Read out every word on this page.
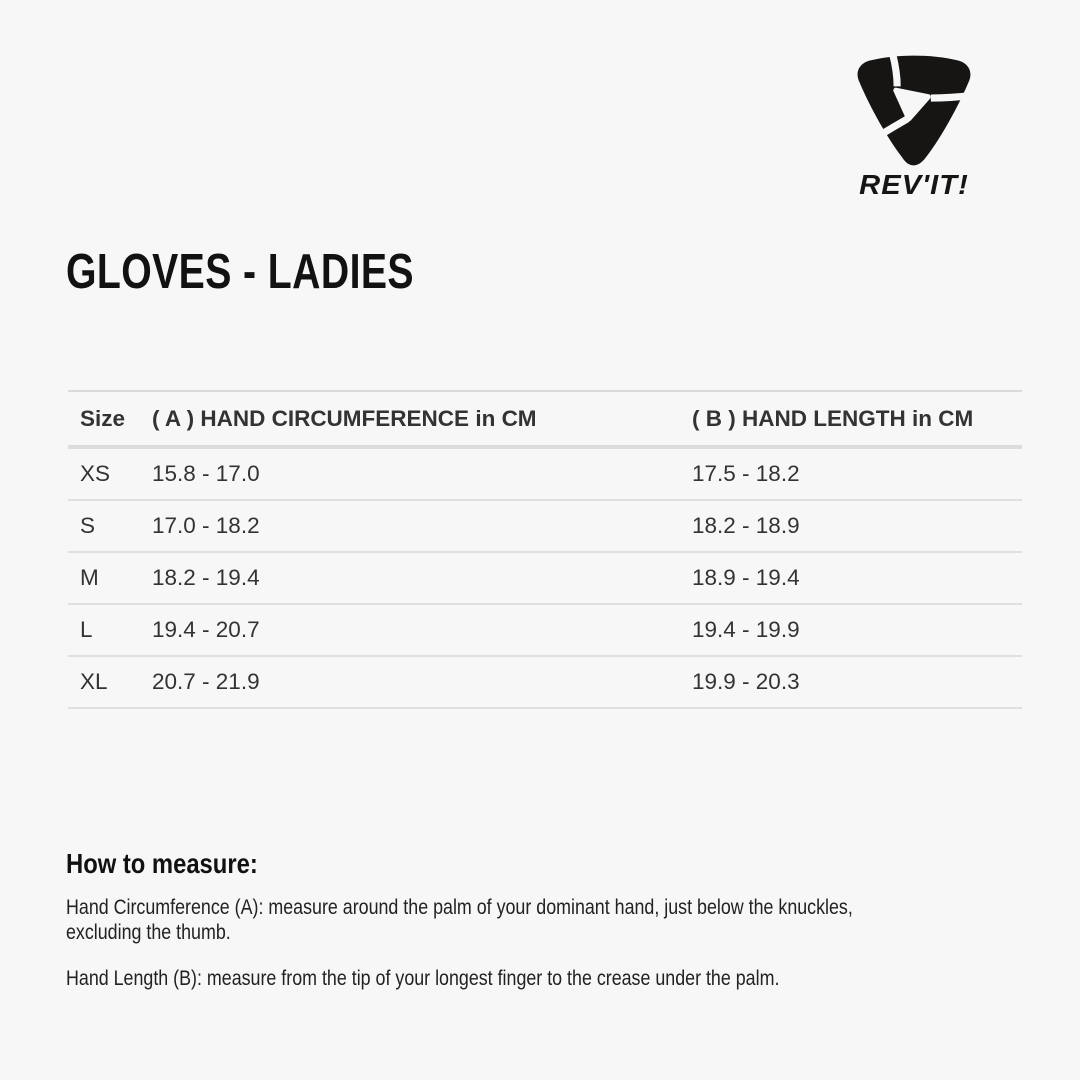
REV'IT!
GLOVES - LADIES
Size	( A ) HAND CIRCUMFERENCE in CM	( B ) HAND LENGTH in CM
XS	15.8 - 17.0	17.5 - 18.2
S	17.0 - 18.2	18.2 - 18.9
M	18.2 - 19.4	18.9 - 19.4
L	19.4 - 20.7	19.4 - 19.9
XL	20.7 - 21.9	19.9 - 20.3
How to measure:

Hand Circumference (A): measure around the palm of your dominant hand, just below the knuckles, excluding the thumb.

Hand Length (B): measure from the tip of your longest finger to the crease under the palm.
